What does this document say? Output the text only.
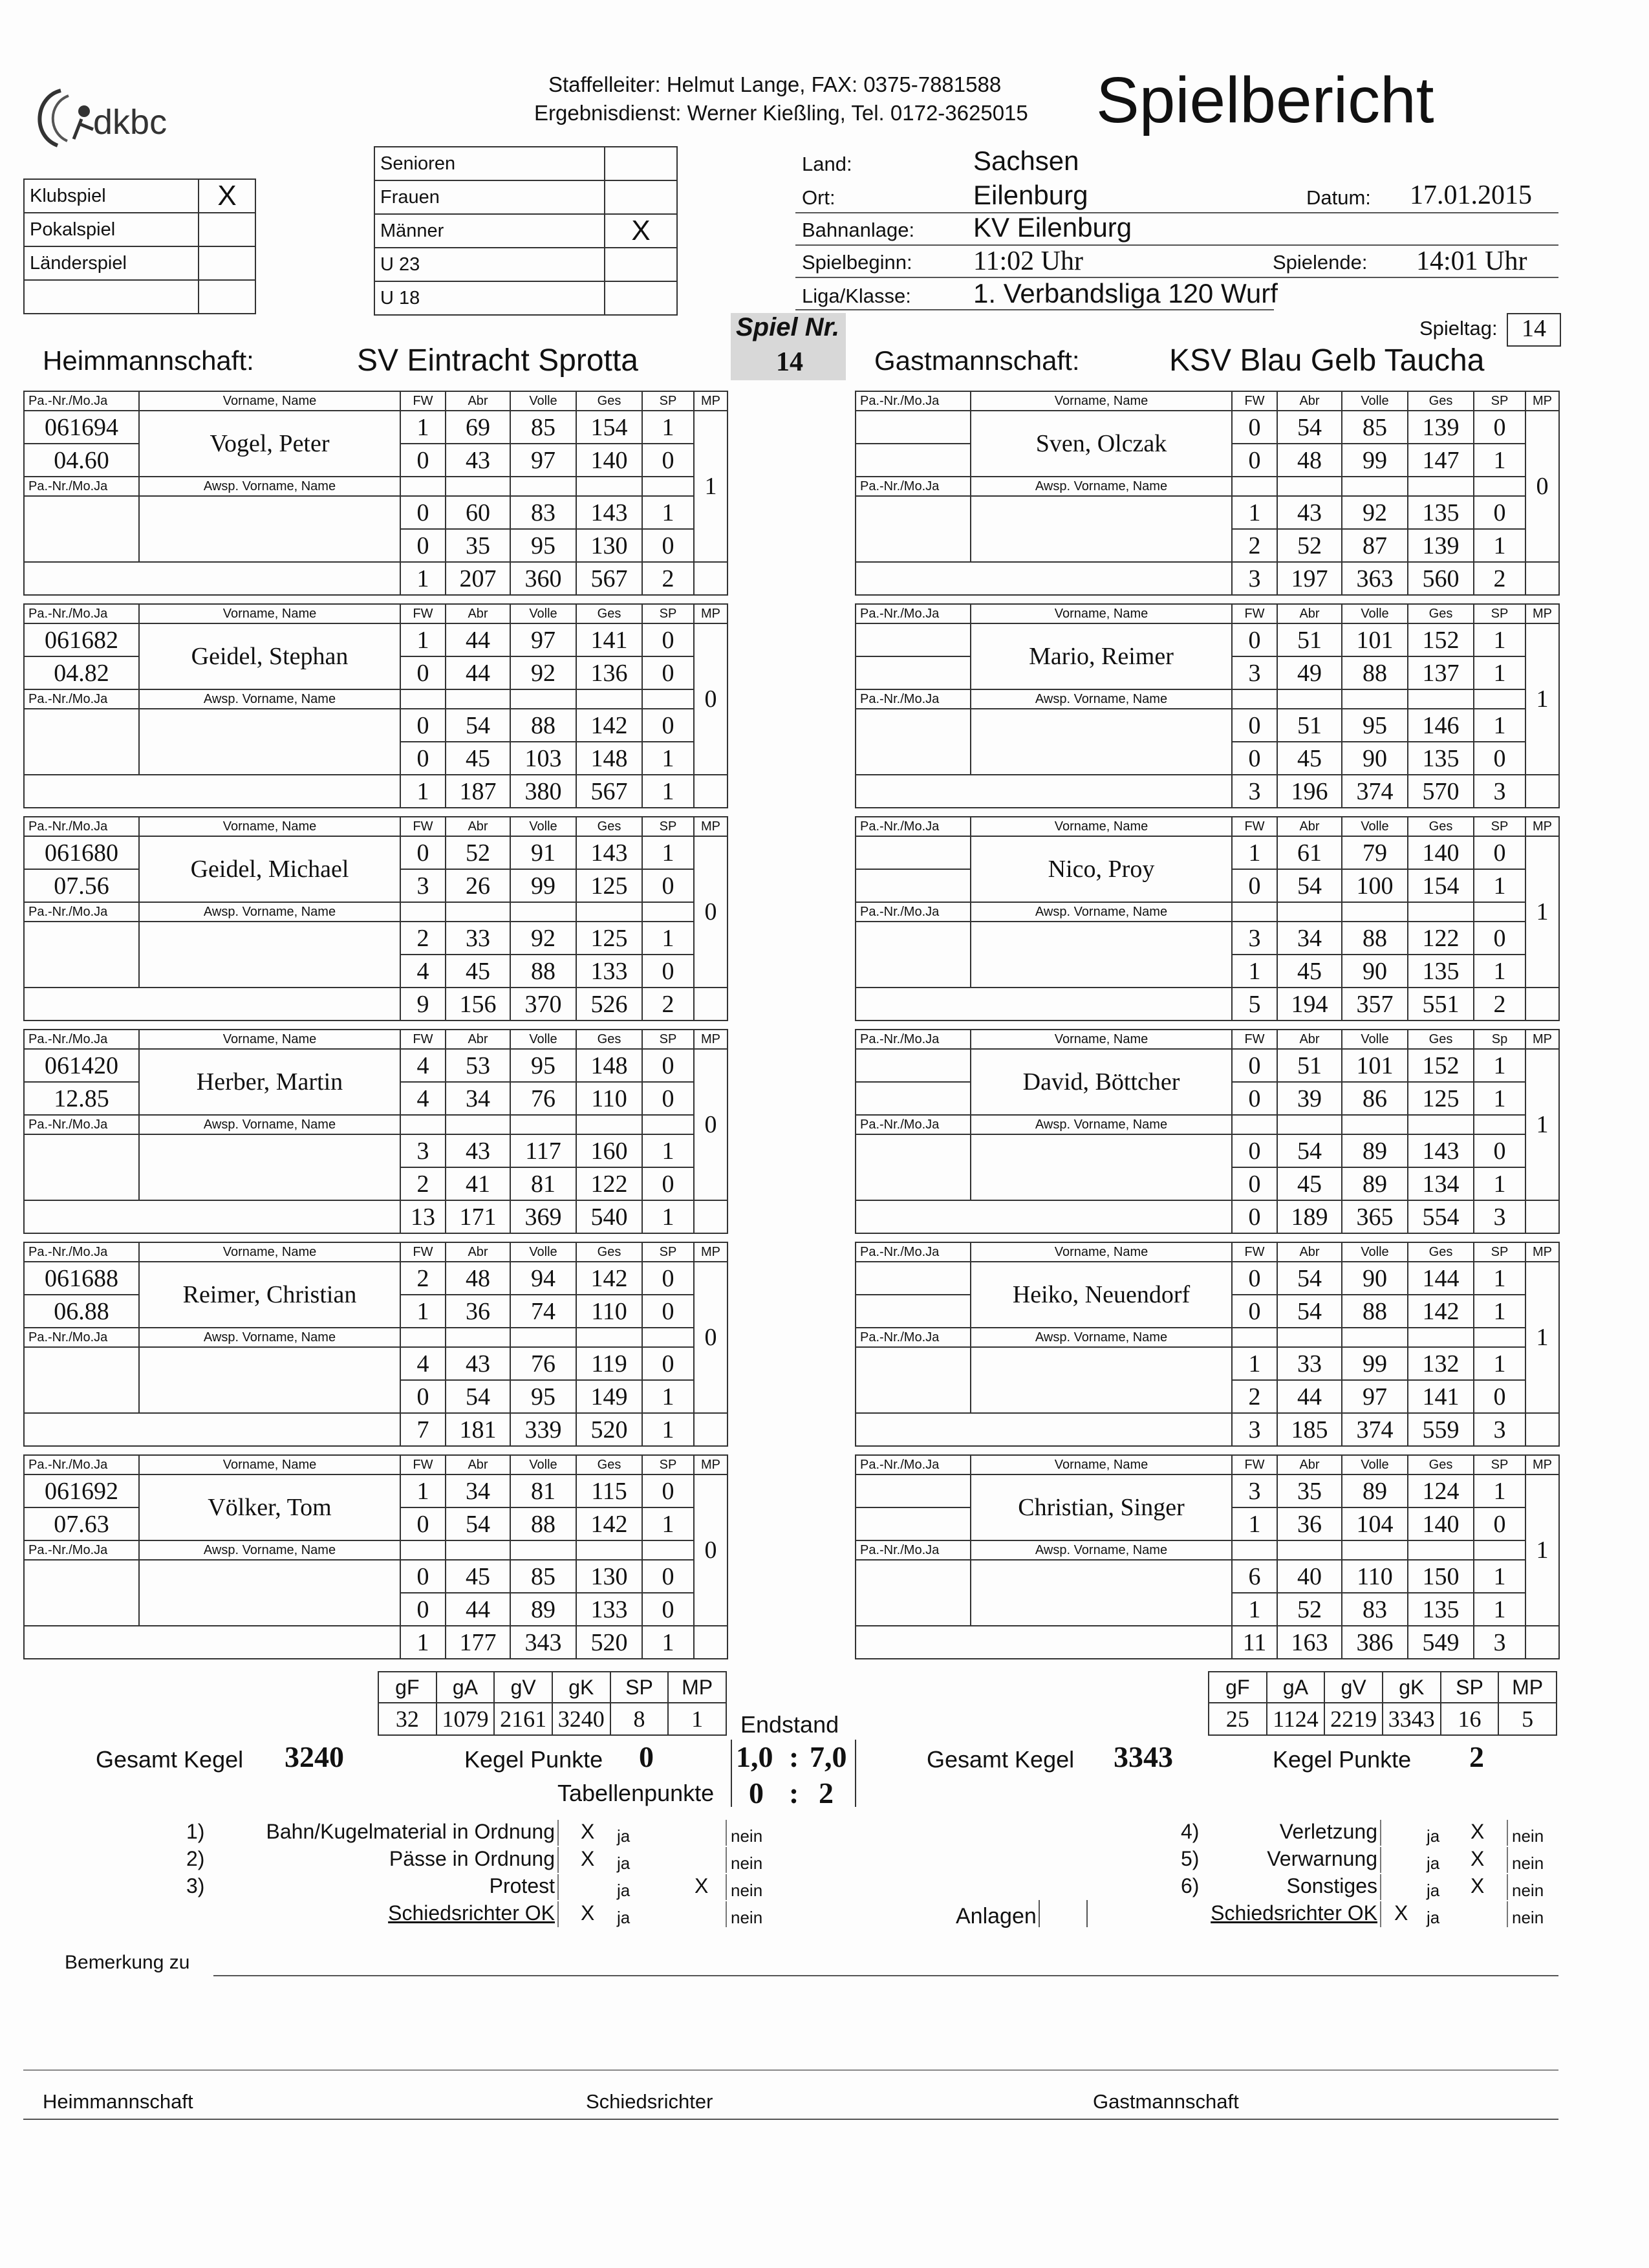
dkbc
Staffelleiter: Helmut Lange, FAX: 0375-7881588
Ergebnisdienst: Werner Kießling, Tel. 0172-3625015 Spielbericht
Klubspiel	X
Pokalspiel	
Länderspiel	

Senioren	
Frauen	
Männer	X
U 23	
U 18	
Land:	Sachsen
Ort:	Eilenburg	Datum: 17.01.2015
Bahnanlage: KV Eilenburg
Spielbeginn: 11:02 Uhr	Spielende: 14:01 Uhr
Liga/Klasse: 1. Verbandsliga 120 Wurf
Spiel Nr.
14
Spieltag: 14
Heimmannschaft:	SV Eintracht Sprotta	Gastmannschaft:	KSV Blau Gelb Taucha
Pa.-Nr./Mo.Ja	Vorname, Name	FW	Abr	Volle	Ges	SP	MP
061694	Vogel, Peter	1	69	85	154	1	1
04.60		0	43	97	140	0	
Pa.-Nr./Mo.Ja	Awsp. Vorname, Name						
		0	60	83	143	1	
		0	35	95	130	0	
		1	207	360	567	2	
Pa.-Nr./Mo.Ja	Vorname, Name	FW	Abr	Volle	Ges	SP	MP
061682	Geidel, Stephan	1	44	97	141	0	0
04.82		0	44	92	136	0	
Pa.-Nr./Mo.Ja	Awsp. Vorname, Name						
		0	54	88	142	0	
		0	45	103	148	1	
		1	187	380	567	1	
Pa.-Nr./Mo.Ja	Vorname, Name	FW	Abr	Volle	Ges	SP	MP
061680	Geidel, Michael	0	52	91	143	1	0
07.56		3	26	99	125	0	
Pa.-Nr./Mo.Ja	Awsp. Vorname, Name						
		2	33	92	125	1	
		4	45	88	133	0	
		9	156	370	526	2	
Pa.-Nr./Mo.Ja	Vorname, Name	FW	Abr	Volle	Ges	SP	MP
061420	Herber, Martin	4	53	95	148	0	0
12.85		4	34	76	110	0	
Pa.-Nr./Mo.Ja	Awsp. Vorname, Name						
		3	43	117	160	1	
		2	41	81	122	0	
		13	171	369	540	1	
Pa.-Nr./Mo.Ja	Vorname, Name	FW	Abr	Volle	Ges	SP	MP
061688	Reimer, Christian	2	48	94	142	0	0
06.88		1	36	74	110	0	
Pa.-Nr./Mo.Ja	Awsp. Vorname, Name						
		4	43	76	119	0	
		0	54	95	149	1	
		7	181	339	520	1	
Pa.-Nr./Mo.Ja	Vorname, Name	FW	Abr	Volle	Ges	SP	MP
061692	Völker, Tom	1	34	81	115	0	0
07.63		0	54	88	142	1	
Pa.-Nr./Mo.Ja	Awsp. Vorname, Name						
		0	45	85	130	0	
		0	44	89	133	0	
		1	177	343	520	1	
Pa.-Nr./Mo.Ja	Vorname, Name	FW	Abr	Volle	Ges	SP	MP
	Sven, Olczak	0	54	85	139	0	0
		0	48	99	147	1	
Pa.-Nr./Mo.Ja	Awsp. Vorname, Name						
		1	43	92	135	0	
		2	52	87	139	1	
		3	197	363	560	2	
Pa.-Nr./Mo.Ja	Vorname, Name	FW	Abr	Volle	Ges	SP	MP
	Mario, Reimer	0	51	101	152	1	1
		3	49	88	137	1	
Pa.-Nr./Mo.Ja	Awsp. Vorname, Name						
		0	51	95	146	1	
		0	45	90	135	0	
		3	196	374	570	3	
Pa.-Nr./Mo.Ja	Vorname, Name	FW	Abr	Volle	Ges	SP	MP
	Nico, Proy	1	61	79	140	0	1
		0	54	100	154	1	
Pa.-Nr./Mo.Ja	Awsp. Vorname, Name						
		3	34	88	122	0	
		1	45	90	135	1	
		5	194	357	551	2	
Pa.-Nr./Mo.Ja	Vorname, Name	FW	Abr	Volle	Ges	Sp	MP
	David, Böttcher	0	51	101	152	1	1
		0	39	86	125	1	
Pa.-Nr./Mo.Ja	Awsp. Vorname, Name						
		0	54	89	143	0	
		0	45	89	134	1	
		0	189	365	554	3	
Pa.-Nr./Mo.Ja	Vorname, Name	FW	Abr	Volle	Ges	SP	MP
	Heiko, Neuendorf	0	54	90	144	1	1
		0	54	88	142	1	
Pa.-Nr./Mo.Ja	Awsp. Vorname, Name						
		1	33	99	132	1	
		2	44	97	141	0	
		3	185	374	559	3	
Pa.-Nr./Mo.Ja	Vorname, Name	FW	Abr	Volle	Ges	SP	MP
	Christian, Singer	3	35	89	124	1	1
		1	36	104	140	0	
Pa.-Nr./Mo.Ja	Awsp. Vorname, Name						
		6	40	110	150	1	
		1	52	83	135	1	
		11	163	386	549	3	
gF	gA	gV	gK	SP	MP
32	1079	2161	3240	8	1
gF	gA	gV	gK	SP	MP
25	1124	2219	3343	16	5
Gesamt Kegel 3240	Kegel Punkte 0
Endstand
1,0 : 7,0
Tabellenpunkte 0 : 2
Gesamt Kegel 3343	Kegel Punkte 2
1)	Bahn/Kugelmaterial in Ordnung X ja	nein	4)	Verletzung	ja X nein
2)	Pässe in Ordnung X ja	nein	5)	Verwarnung	ja X nein
3)	Protest	ja	X nein	6)	Sonstiges	ja X nein
Schiedsrichter OK X ja	nein	Schiedsrichter OK X ja	nein
Anlagen
Bemerkung zu
Heimmannschaft	Schiedsrichter	Gastmannschaft
